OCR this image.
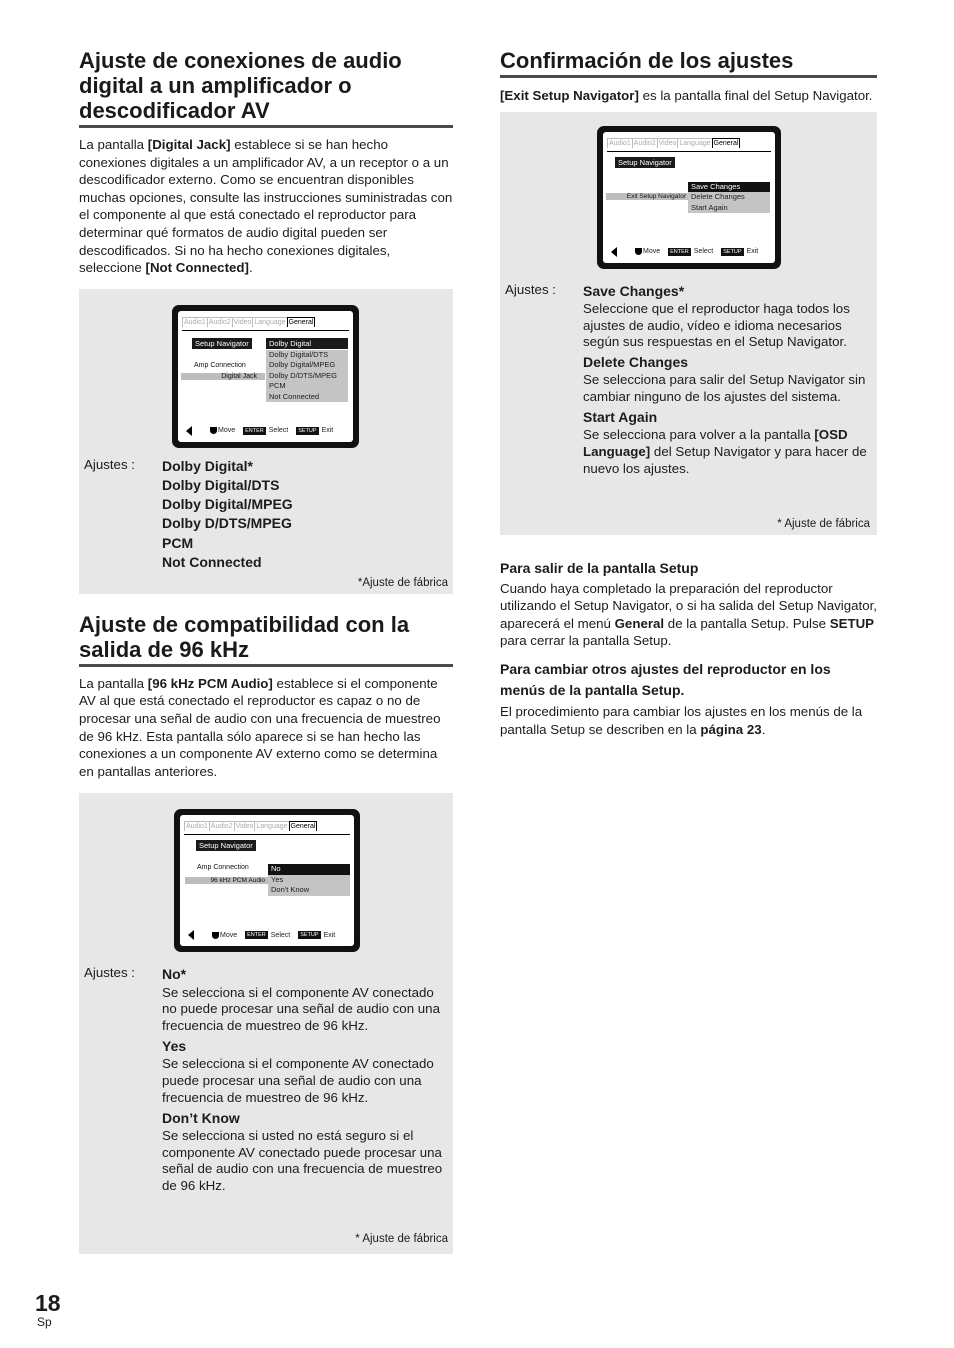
Ajuste de conexiones de audio digital a un amplificador o descodificador AV

La pantalla [Digital Jack] establece si se han hecho conexiones digitales a un amplificador AV, a un receptor o a un descodificador externo. Como se encuentran disponibles muchas opciones, consulte las instrucciones suministradas con el componente al que está conectado el reproductor para determinar qué formatos de audio digital pueden ser descodificados. Si no ha hecho conexiones digitales, seleccione [Not Connected].

Audio1 Audio2 Video Language General
Setup Navigator	Dolby Digital
Amp Connection
Digital Jack
Dolby Digital/DTS
Dolby Digital/MPEG
Dolby D/DTS/MPEG
PCM
Not Connected
Move	ENTER Select	SETUP Exit
Ajustes :	Dolby Digital*
Dolby Digital/DTS
Dolby Digital/MPEG
Dolby D/DTS/MPEG
PCM
Not Connected
*Ajuste de fábrica
Ajuste de compatibilidad con la salida de 96 kHz

La pantalla [96 kHz PCM Audio] establece si el componente AV al que está conectado el reproductor es capaz o no de procesar una señal de audio con una frecuencia de muestreo de 96 kHz. Esta pantalla sólo aparece si se han hecho las conexiones a un componente AV externo como se determina en pantallas anteriores.

Audio1 Audio2 Video Language General
Setup Navigator
Amp Connection
96 kHz PCM Audio
No
Yes
Don't Know
Move	ENTER Select	SETUP Exit
Ajustes :	No*
Se selecciona si el componente AV conectado no puede procesar una señal de audio con una frecuencia de muestreo de 96 kHz.
Yes
Se selecciona si el componente AV conectado puede procesar una señal de audio con una frecuencia de muestreo de 96 kHz.
Don’t Know
Se selecciona si usted no está seguro si el componente AV conectado puede procesar una señal de audio con una frecuencia de muestreo de 96 kHz.
* Ajuste de fábrica
Confirmación de los ajustes

[Exit Setup Navigator] es la pantalla final del Setup Navigator.

Audio1 Audio2 Video Language General
Setup Navigator
Exit Setup Navigator
Save Changes
Delete Changes
Start Again
Move	ENTER Select	SETUP Exit
Ajustes :	Save Changes*
Seleccione que el reproductor haga todos los ajustes de audio, vídeo e idioma necesarios según sus respuestas en el Setup Navigator.
Delete Changes
Se selecciona para salir del Setup Navigator sin cambiar ninguno de los ajustes del sistema.
Start Again
Se selecciona para volver a la pantalla [OSD Language] del Setup Navigator y para hacer de nuevo los ajustes.
* Ajuste de fábrica
Para salir de la pantalla Setup

Cuando haya completado la preparación del reproductor utilizando el Setup Navigator, o si ha salida del Setup Navigator, aparecerá el menú General de la pantalla Setup. Pulse SETUP para cerrar la pantalla Setup.

Para cambiar otros ajustes del reproductor en los menús de la pantalla Setup.

El procedimiento para cambiar los ajustes en los menús de la pantalla Setup se describen en la página 23.

18
Sp
